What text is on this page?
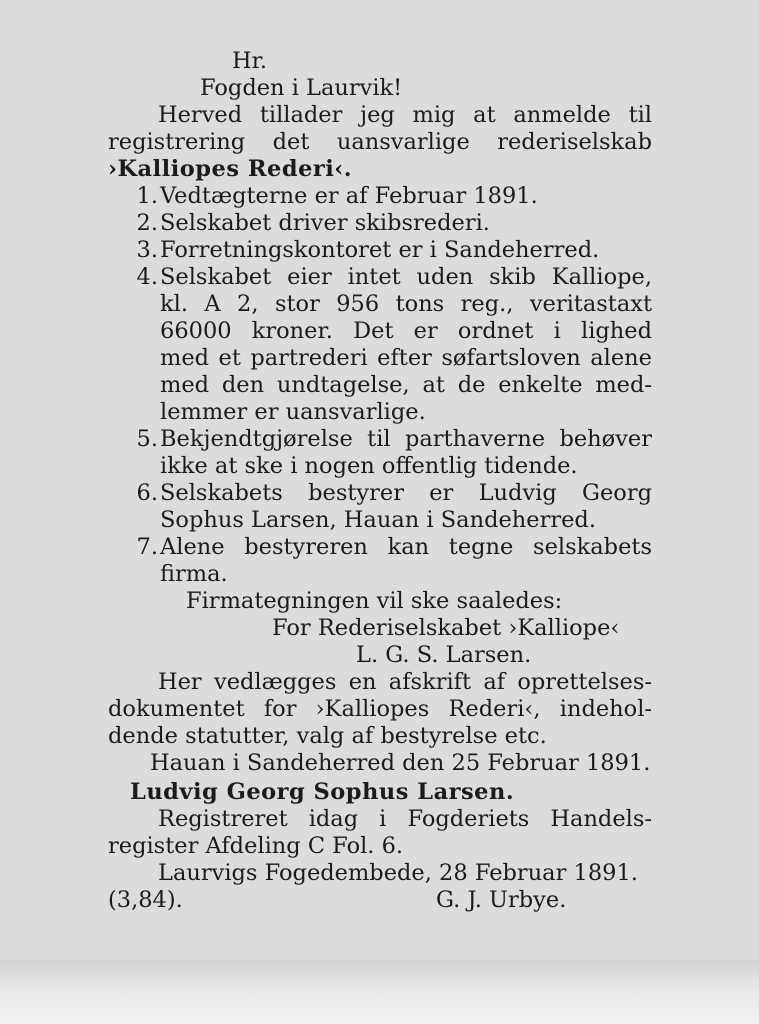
Hr.
Fogden i Laurvik!
Herved tillader jeg mig at anmelde til
registrering det uansvarlige rederiselskab
›Kalliopes Rederi‹.
1. Vedtægterne er af Februar 1891.
2. Selskabet driver skibsrederi.
3. Forretningskontoret er i Sandeherred.
4. Selskabet eier intet uden skib Kalliope,
kl. A 2, stor 956 tons reg., veritastaxt
66000 kroner. Det er ordnet i lighed
med et partrederi efter søfartsloven alene
med den undtagelse, at de enkelte med-
lemmer er uansvarlige.
5. Bekjendtgjørelse til parthaverne behøver
ikke at ske i nogen offentlig tidende.
6. Selskabets bestyrer er Ludvig Georg
Sophus Larsen, Hauan i Sandeherred.
7. Alene bestyreren kan tegne selskabets
firma.
Firmategningen vil ske saaledes:
For Rederiselskabet ›Kalliope‹
L. G. S. Larsen.
Her vedlægges en afskrift af oprettelses-
dokumentet for ›Kalliopes Rederi‹, indehol-
dende statutter, valg af bestyrelse etc.
Hauan i Sandeherred den 25 Februar 1891.
Ludvig Georg Sophus Larsen.
Registreret idag i Fogderiets Handels-
register Afdeling C Fol. 6.
Laurvigs Fogedembede, 28 Februar 1891.
(3,84).	G. J. Urbye.
